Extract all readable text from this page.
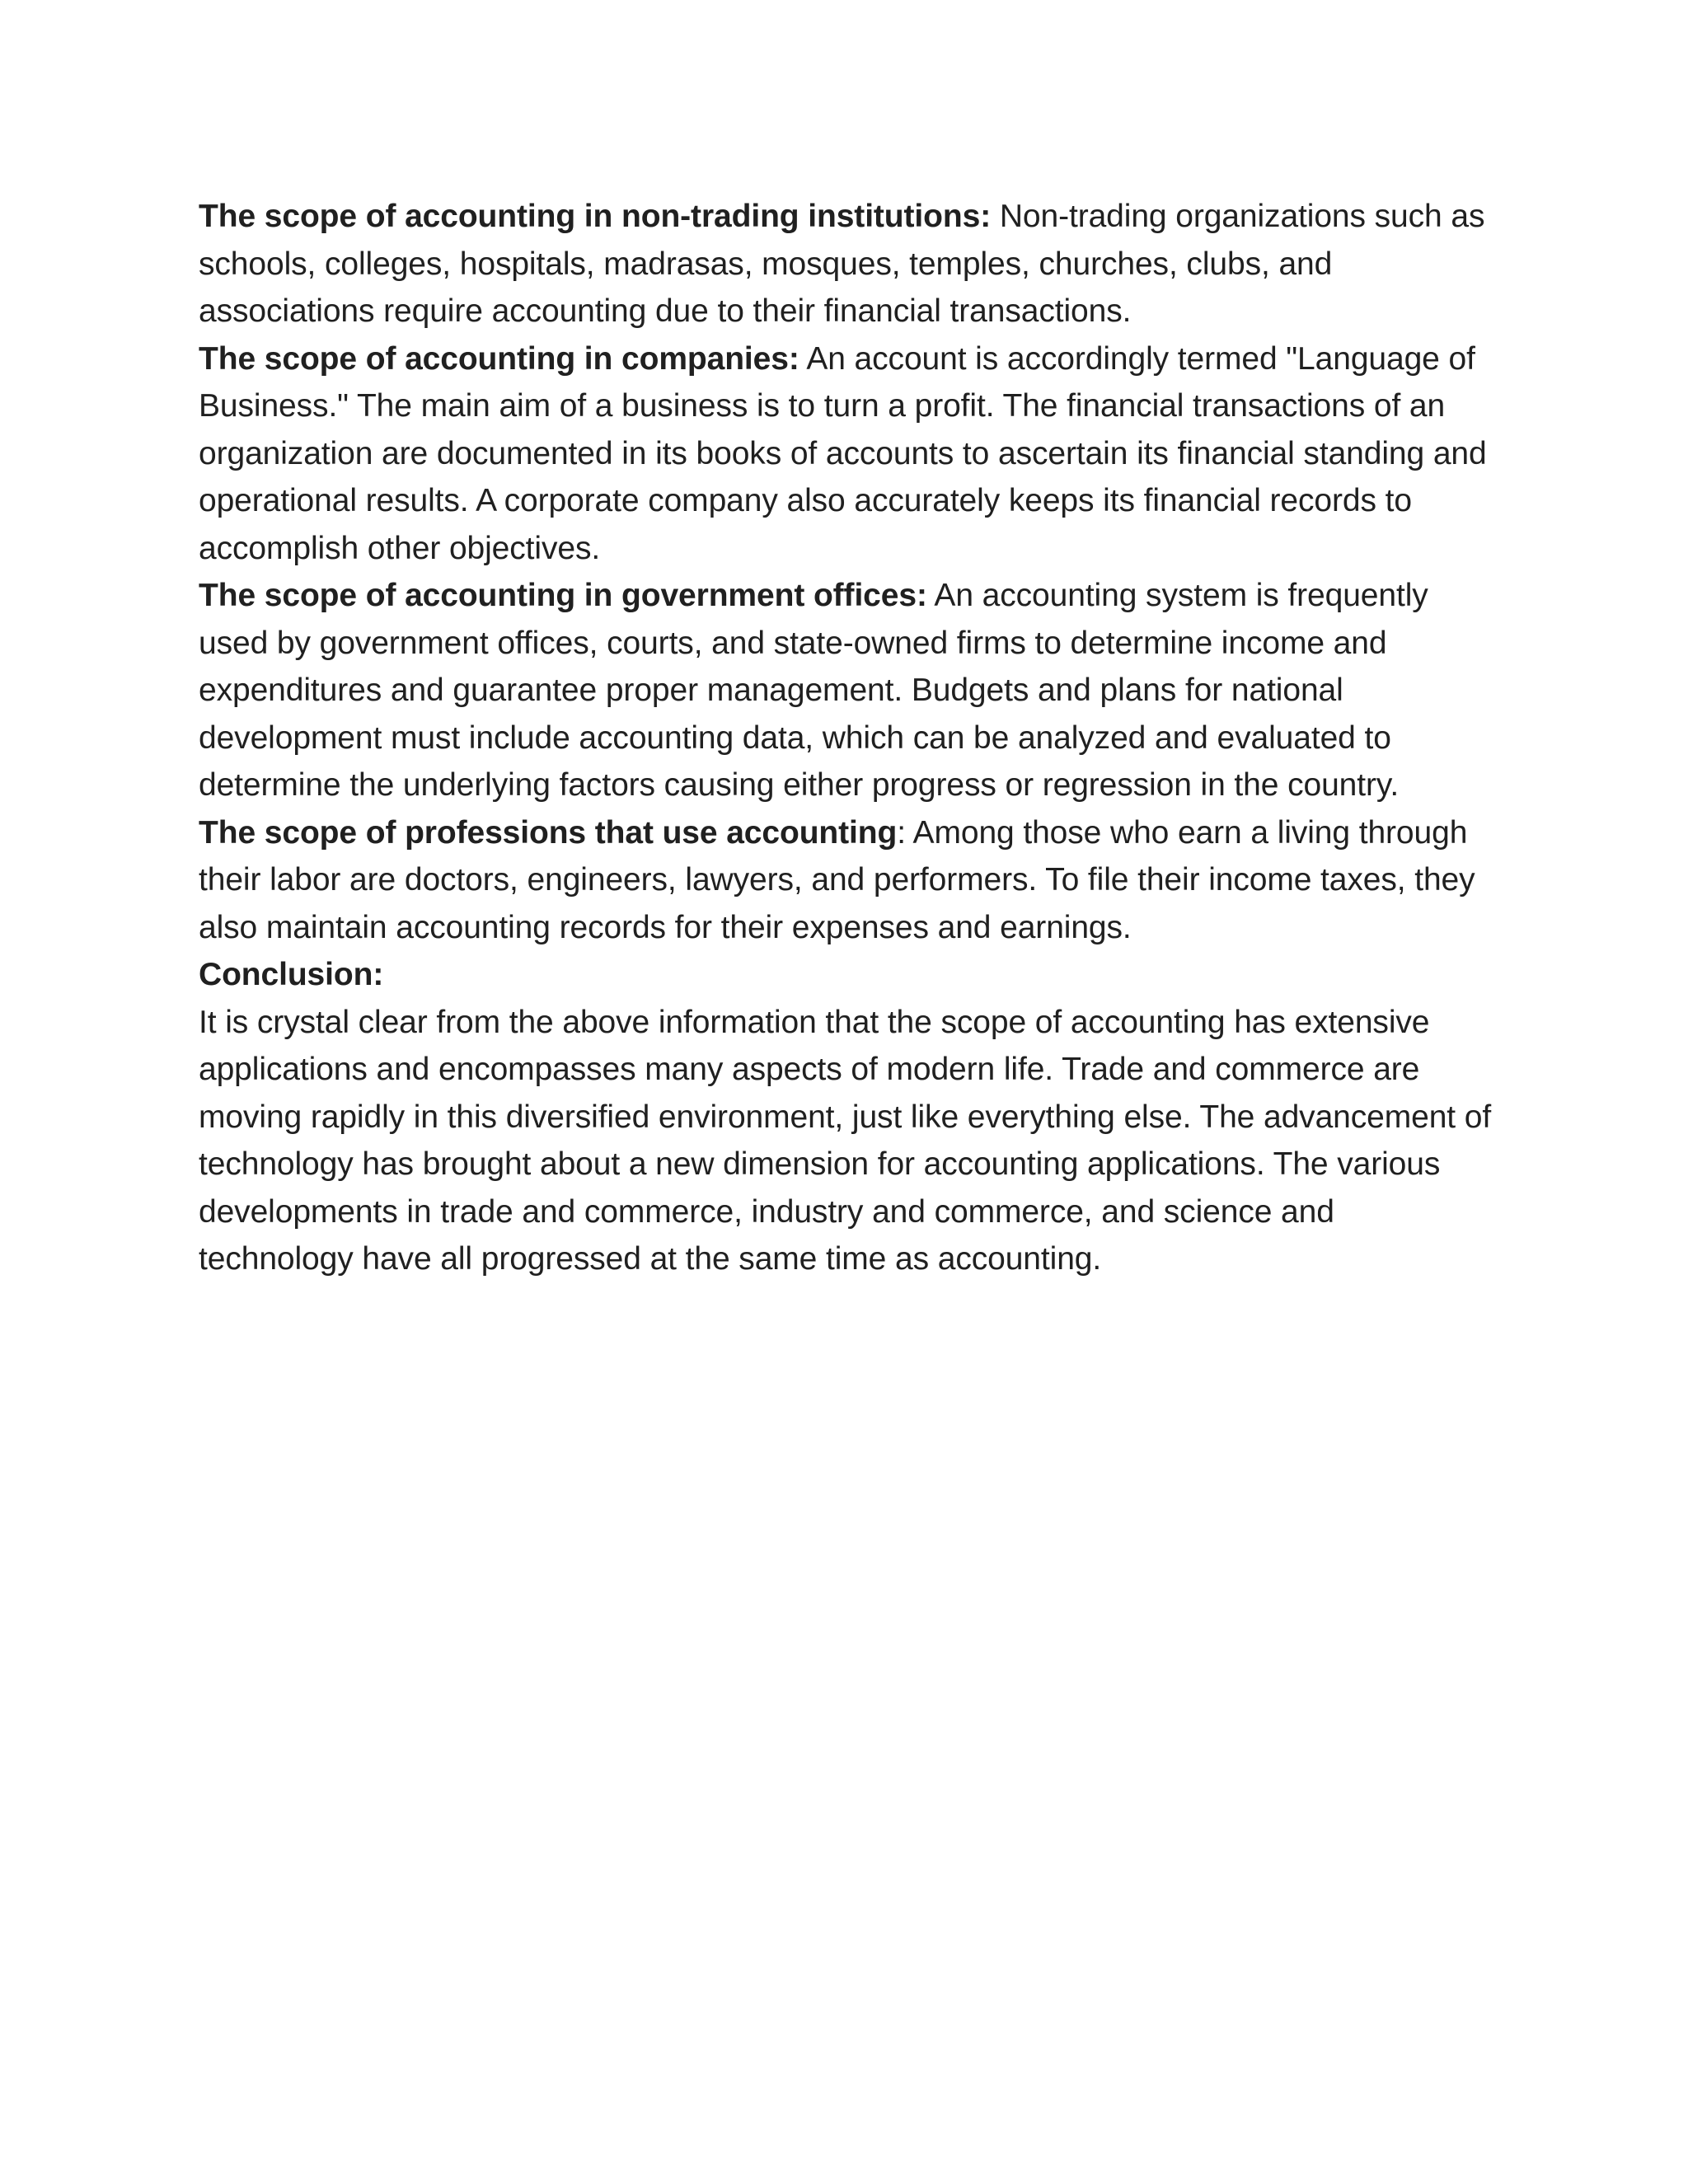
The scope of accounting in non-trading institutions: Non-trading organizations such as schools, colleges, hospitals, madrasas, mosques, temples, churches, clubs, and associations require accounting due to their financial transactions.

The scope of accounting in companies: An account is accordingly termed "Language of Business." The main aim of a business is to turn a profit. The financial transactions of an organization are documented in its books of accounts to ascertain its financial standing and operational results. A corporate company also accurately keeps its financial records to accomplish other objectives.

The scope of accounting in government offices: An accounting system is frequently used by government offices, courts, and state-owned firms to determine income and expenditures and guarantee proper management. Budgets and plans for national development must include accounting data, which can be analyzed and evaluated to determine the underlying factors causing either progress or regression in the country.

The scope of professions that use accounting: Among those who earn a living through their labor are doctors, engineers, lawyers, and performers. To file their income taxes, they also maintain accounting records for their expenses and earnings.

Conclusion:

It is crystal clear from the above information that the scope of accounting has extensive applications and encompasses many aspects of modern life. Trade and commerce are moving rapidly in this diversified environment, just like everything else. The advancement of technology has brought about a new dimension for accounting applications. The various developments in trade and commerce, industry and commerce, and science and technology have all progressed at the same time as accounting.
